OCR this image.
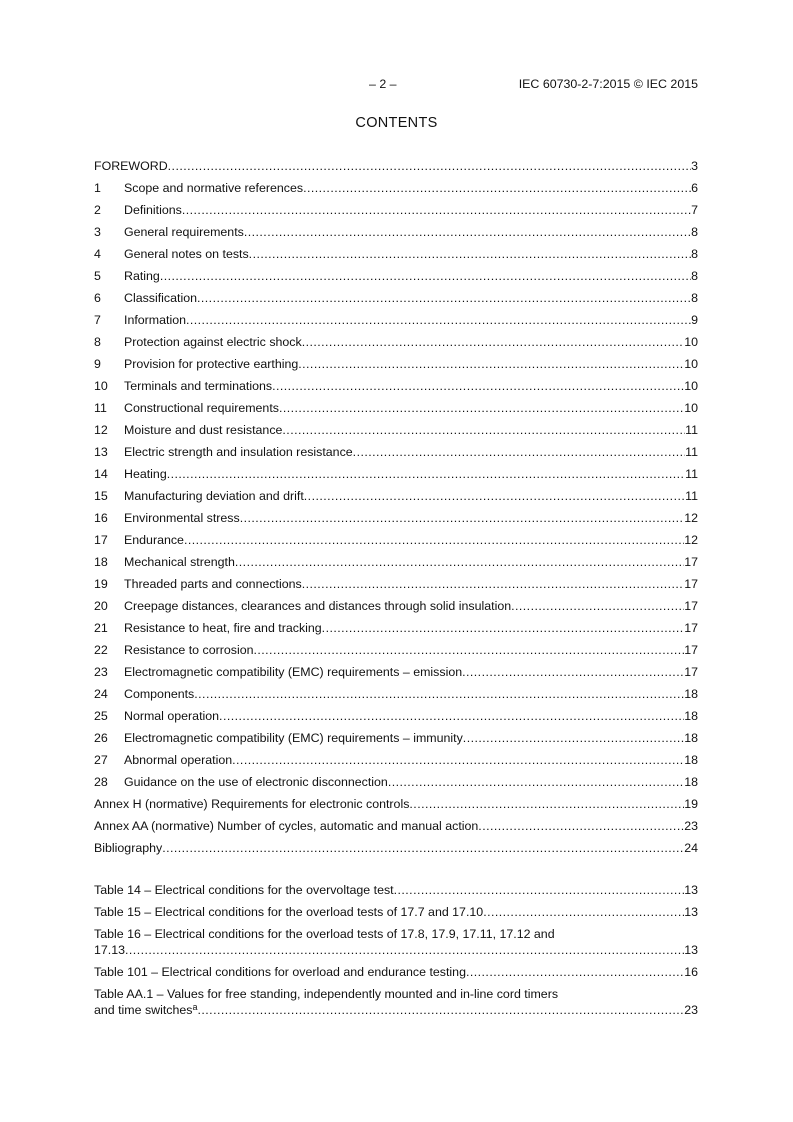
– 2 –	IEC 60730-2-7:2015 © IEC 2015
CONTENTS
FOREWORD .....	3
1	Scope and normative references .....	6
2	Definitions .....	7
3	General requirements .....	8
4	General notes on tests .....	8
5	Rating .....	8
6	Classification .....	8
7	Information .....	9
8	Protection against electric shock .....	10
9	Provision for protective earthing .....	10
10	Terminals and terminations .....	10
11	Constructional requirements .....	10
12	Moisture and dust resistance .....	11
13	Electric strength and insulation resistance .....	11
14	Heating .....	11
15	Manufacturing deviation and drift .....	11
16	Environmental stress .....	12
17	Endurance .....	12
18	Mechanical strength .....	17
19	Threaded parts and connections .....	17
20	Creepage distances, clearances and distances through solid insulation .....	17
21	Resistance to heat, fire and tracking .....	17
22	Resistance to corrosion .....	17
23	Electromagnetic compatibility (EMC) requirements – emission .....	17
24	Components .....	18
25	Normal operation .....	18
26	Electromagnetic compatibility (EMC) requirements – immunity .....	18
27	Abnormal operation .....	18
28	Guidance on the use of electronic disconnection .....	18
Annex H (normative) Requirements for electronic controls .....	19
Annex AA (normative) Number of cycles, automatic and manual action .....	23
Bibliography .....	24
Table 14 – Electrical conditions for the overvoltage test .....	13
Table 15 – Electrical conditions for the overload tests of 17.7 and 17.10 .....	13
Table 16 – Electrical conditions for the overload tests of 17.8, 17.9, 17.11, 17.12 and
17.13 .....	13
Table 101 – Electrical conditions for overload and endurance testing .....	16
Table AA.1 – Values for free standing, independently mounted and in-line cord timers
and time switches$^a$ .....	23
